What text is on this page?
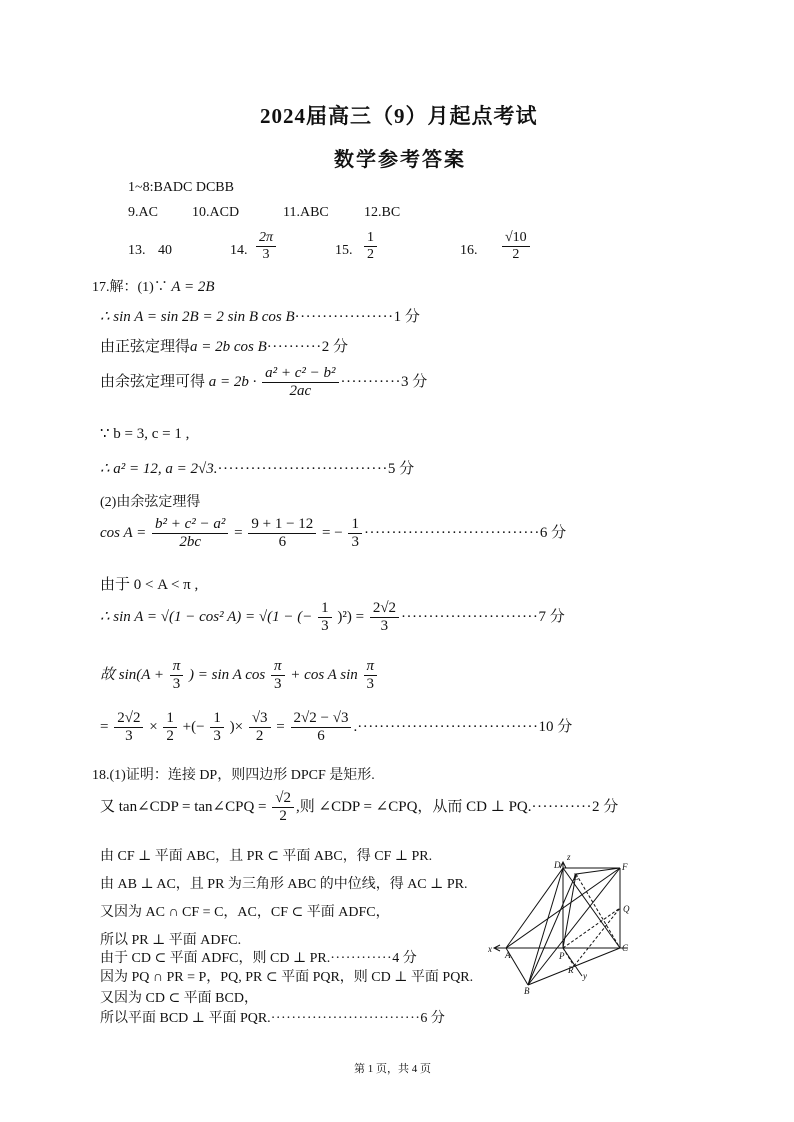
2024届高三（9）月起点考试
数学参考答案
1~8:BADC DCBB
9.AC 10.ACD	11.ABC	12.BC
13. 40	14. $\frac{2\pi}{3}$	15. $\frac{1}{2}$	16. $\frac{√10}{2}$
17.解：(1)∵ A = 2B
∴ sin A = sin 2B = 2 sin B cos B··················1 分
由正弦定理得a = 2b cos B··········2 分
由余弦定理可得 $a = 2b \cdot \frac{\text{a² + c² − b²}}{2ac} \cdot\cdot\cdot\cdot\cdot\cdot\cdot\cdot\cdot\cdot\cdot 3$ 分
∵ b = 3, c = 1 ,
∴ a² = 12, a = 2√3.·······························5 分
(2)由余弦定理得
$\cos A = \frac{\text{b² + c² − a²}}{2bc} = \frac{9 + 1 - 12}{6}$ = − $\frac{1}{3} \cdot\cdot\cdot\cdot\cdot\cdot\cdot\cdot\cdot\cdot\cdot\cdot\cdot\cdot\cdot\cdot\cdot\cdot\cdot\cdot\cdot\cdot\cdot\cdot\cdot\cdot\cdot\cdot\cdot\cdot\cdot\cdot 6$ 分
由于 0 < A < π ,
∴ sin A = √(1 − cos² A) = √(1 − (− $\frac{1}{3} )^2) = \frac{2√2}{3} \cdot\cdot\cdot\cdot\cdot\cdot\cdot\cdot\cdot\cdot\cdot\cdot\cdot\cdot\cdot\cdot\cdot\cdot\cdot\cdot\cdot\cdot\cdot\cdot\cdot 7$ 分
故 $\sin(A + \frac{\pi}{3}$ ) = sin A $\cos \frac{\pi}{3} + \cos A$ $\sin \frac{\pi}{3}$
= $\frac{2√2}{3} \times \frac{1}{2}$ +(− $\frac{1}{3}$ )× $\frac{√3}{2} = \frac{2√2 - √3}{6} .\cdot\cdot\cdot\cdot\cdot\cdot\cdot\cdot\cdot\cdot\cdot\cdot\cdot\cdot\cdot\cdot\cdot\cdot\cdot\cdot\cdot\cdot\cdot\cdot\cdot\cdot\cdot\cdot\cdot\cdot\cdot\cdot\cdot 10$ 分
18.(1)证明：连接 DP，则四边形 DPCF 是矩形.
又 tan∠CDP = tan∠CPQ = $\frac{√2}{2}$ ,则 ∠CDP = ∠CPQ，从而 CD ⊥ PQ.···········2 分
由 CF ⊥ 平面 ABC，且 PR ⊂ 平面 ABC，得 CF ⊥ PR.
由 AB ⊥ AC，且 PR 为三角形 ABC 的中位线，得 AC ⊥ PR.
又因为 AC ∩ CF = C，AC，CF ⊂ 平面 ADFC，
所以 PR ⊥ 平面 ADFC.
由于 CD ⊂ 平面 ADFC，则 CD ⊥ PR.············4 分
因为 PQ ∩ PR = P，PQ, PR ⊂ 平面 PQR，则 CD ⊥ 平面 PQR.
又因为 CD ⊂ 平面 BCD，
所以平面 BCD ⊥ 平面 PQR.·····························6 分
D
z
E
F
Q
C
x
A	P
R
y
B
第 1 页，共 4 页
